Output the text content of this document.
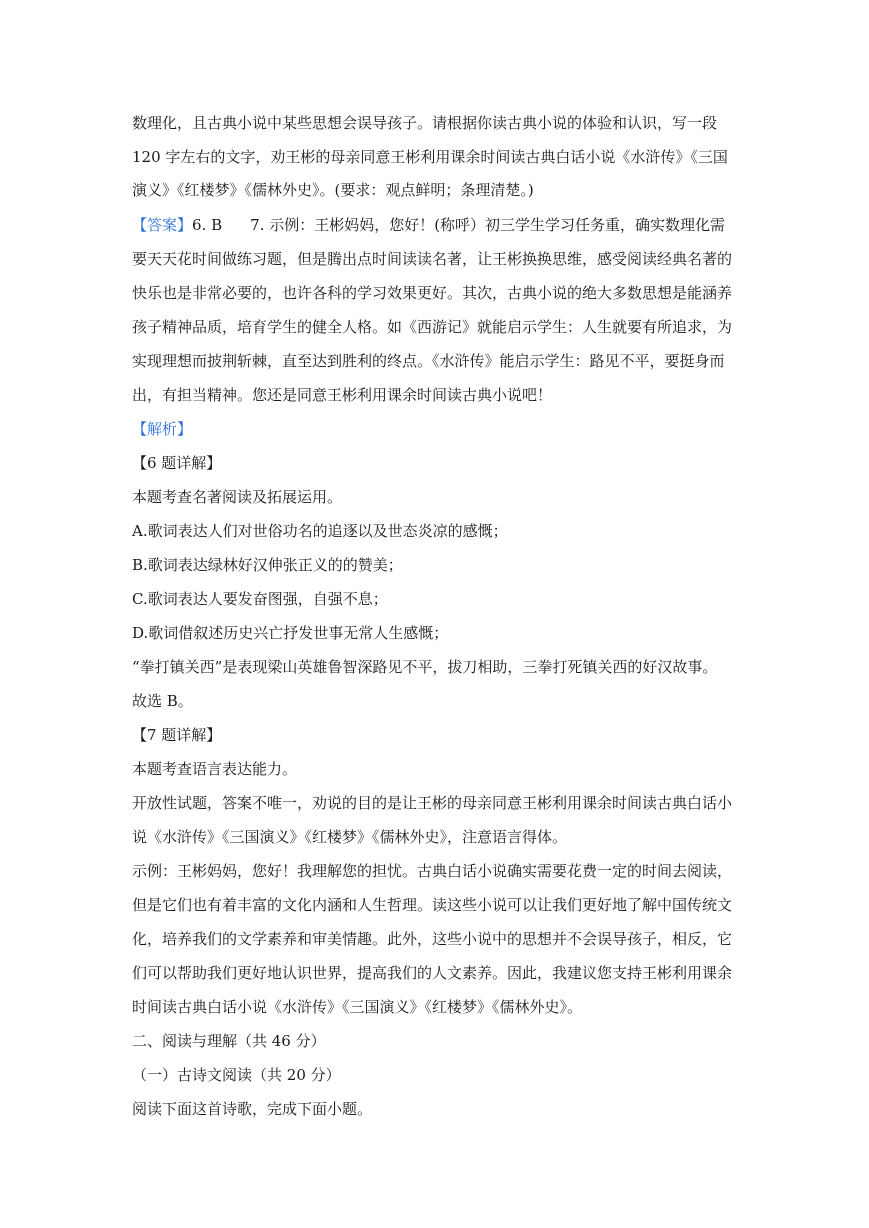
数理化，且古典小说中某些思想会误导孩子。请根据你读古典小说的体验和认识，写一段
120 字左右的文字，劝王彬的母亲同意王彬利用课余时间读古典白话小说《水浒传》《三国
演义》《红楼梦》《儒林外史》。(要求：观点鲜明；条理清楚。)
【答案】6. B 7. 示例：王彬妈妈，您好！(称呼）初三学生学习任务重，确实数理化需
要天天花时间做练习题，但是腾出点时间读读名著，让王彬换换思维，感受阅读经典名著的
快乐也是非常必要的，也许各科的学习效果更好。其次，古典小说的绝大多数思想是能涵养
孩子精神品质，培育学生的健全人格。如《西游记》就能启示学生：人生就要有所追求，为
实现理想而披荆斩棘，直至达到胜利的终点。《水浒传》能启示学生：路见不平，要挺身而
出，有担当精神。您还是同意王彬利用课余时间读古典小说吧！
【解析】
【6 题详解】
本题考查名著阅读及拓展运用。
A.歌词表达人们对世俗功名的追逐以及世态炎凉的感慨；
B.歌词表达绿林好汉伸张正义的的赞美；
C.歌词表达人要发奋图强，自强不息；
D.歌词借叙述历史兴亡抒发世事无常人生感慨；
“拳打镇关西”是表现梁山英雄鲁智深路见不平，拔刀相助，三拳打死镇关西的好汉故事。
故选 B。
【7 题详解】
本题考查语言表达能力。
开放性试题，答案不唯一，劝说的目的是让王彬的母亲同意王彬利用课余时间读古典白话小
说《水浒传》《三国演义》《红楼梦》《儒林外史》，注意语言得体。
示例：王彬妈妈，您好！我理解您的担忧。古典白话小说确实需要花费一定的时间去阅读，
但是它们也有着丰富的文化内涵和人生哲理。读这些小说可以让我们更好地了解中国传统文
化，培养我们的文学素养和审美情趣。此外，这些小说中的思想并不会误导孩子，相反，它
们可以帮助我们更好地认识世界，提高我们的人文素养。因此，我建议您支持王彬利用课余
时间读古典白话小说《水浒传》《三国演义》《红楼梦》《儒林外史》。
二、阅读与理解（共 46 分）
（一）古诗文阅读（共 20 分）
阅读下面这首诗歌，完成下面小题。
